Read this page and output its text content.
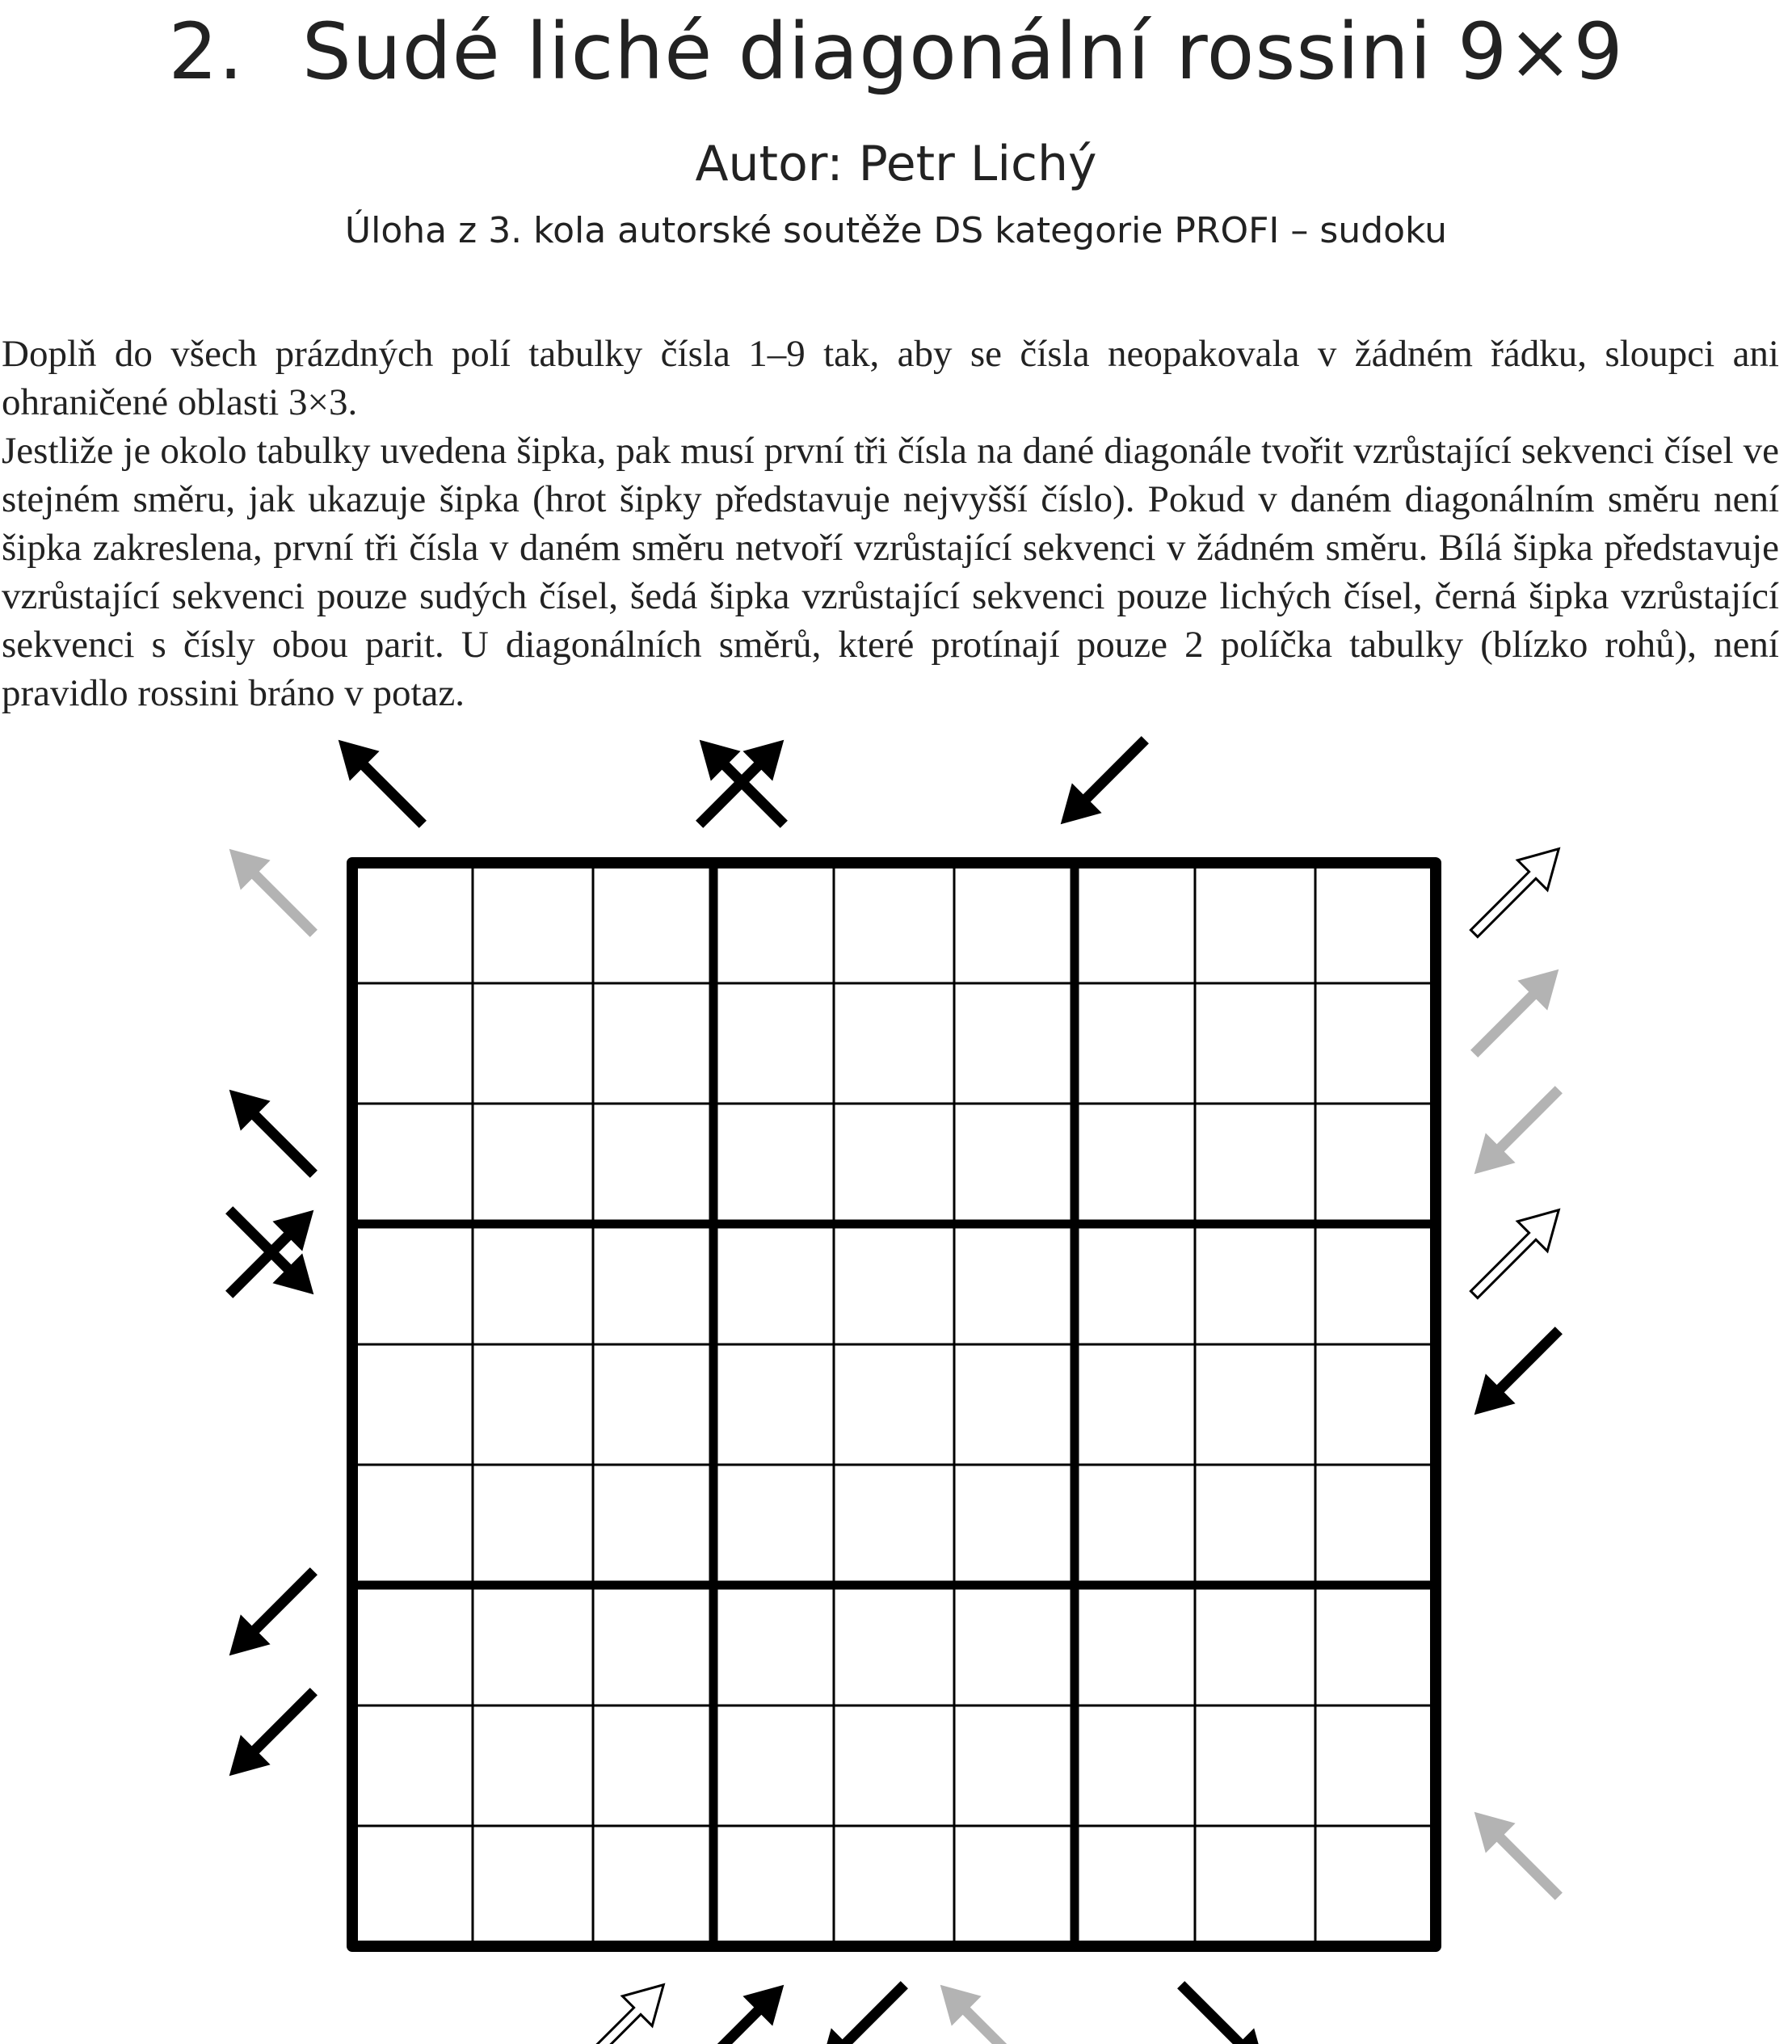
2. Sudé liché diagonální rossini 9×9
Autor: Petr Lichý
Úloha z 3. kola autorské soutěže DS kategorie PROFI – sudoku

Doplň do všech prázdných polí tabulky čísla 1–9 tak, aby se čísla neopakovala v žádném řádku, sloupci ani ohraničené oblasti 3×3.

Jestliže je okolo tabulky uvedena šipka, pak musí první tři čísla na dané diagonále tvořit vzrůstající sekvenci čísel ve stejném směru, jak ukazuje šipka (hrot šipky představuje nejvyšší číslo). Pokud v daném diagonálním směru není šipka zakreslena, první tři čísla v daném směru netvoří vzrůstající sekvenci v žádném směru. Bílá šipka představuje vzrůstající sekvenci pouze sudých čísel, šedá šipka vzrůstající sekvenci pouze lichých čísel, černá šipka vzrůstající sekvenci s čísly obou parit. U diagonálních směrů, které protínají pouze 2 políčka tabulky (blízko rohů), není pravidlo rossini bráno v potaz.
